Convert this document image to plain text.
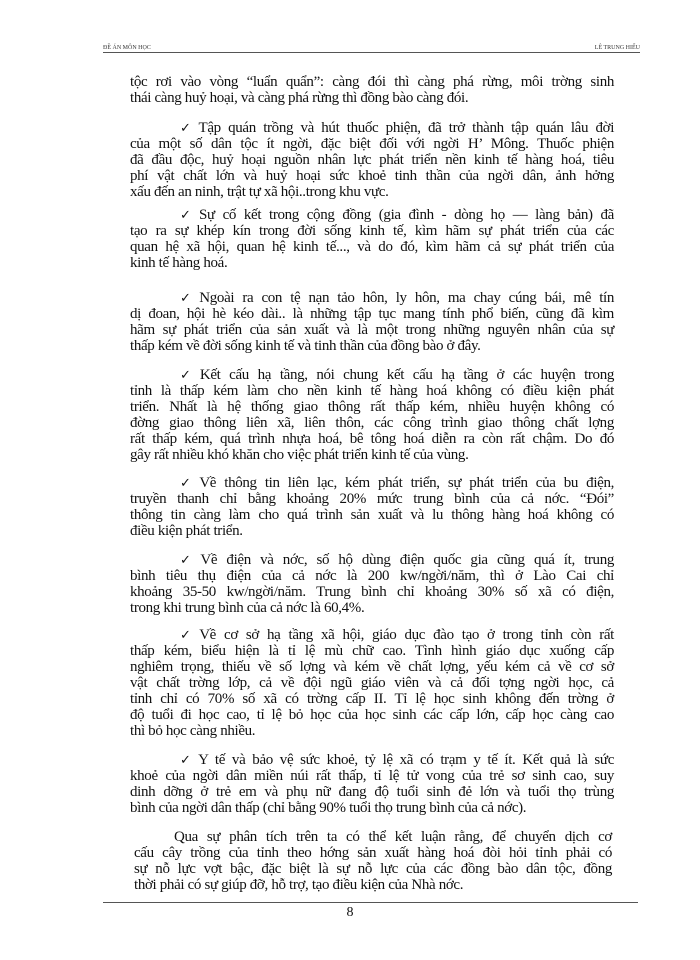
ĐỀ ÁN MÔN HỌC	LÊ TRUNG HIẾU
tộc rơi vào vòng “luẩn quẩn”: càng đói thì càng phá rừng, môi trờng sinh
thái càng huỷ hoại, và càng phá rừng thì đồng bào càng đói.
✓ Tập quán trồng và hút thuốc phiện, đã trở thành tập quán lâu đời
của một số dân tộc ít ngời, đặc biệt đối với ngời H’ Mông. Thuốc phiện
đã đầu độc, huỷ hoại nguồn nhân lực phát triển nền kinh tế hàng hoá, tiêu
phí vật chất lớn và huỷ hoại sức khoẻ tinh thần của ngời dân, ảnh hởng
xấu đến an ninh, trật tự xã hội..trong khu vực.
✓ Sự cố kết trong cộng đồng (gia đình - dòng họ — làng bản) đã
tạo ra sự khép kín trong đời sống kinh tế, kìm hãm sự phát triển của các
quan hệ xã hội, quan hệ kinh tế..., và do đó, kìm hãm cả sự phát triển của
kinh tế hàng hoá.
✓ Ngoài ra con tệ nạn tảo hôn, ly hôn, ma chay cúng bái, mê tín
dị đoan, hội hè kéo dài.. là những tập tục mang tính phổ biến, cũng đã kìm
hãm sự phát triển của sản xuất và là một trong những nguyên nhân của sự
thấp kém về đời sống kinh tế và tinh thần của đồng bào ở đây.
✓ Kết cấu hạ tầng, nói chung kết cấu hạ tầng ở các huyện trong
tỉnh là thấp kém làm cho nền kinh tế hàng hoá không có điều kiện phát
triển. Nhất là hệ thống giao thông rất thấp kém, nhiều huyện không có
đờng giao thông liên xã, liên thôn, các công trình giao thông chất lợng
rất thấp kém, quá trình nhựa hoá, bê tông hoá diễn ra còn rất chậm. Do đó
gây rất nhiều khó khăn cho việc phát triển kinh tế của vùng.
✓ Về thông tin liên lạc, kém phát triển, sự phát triển của bu điện,
truyền thanh chỉ bằng khoảng 20% mức trung bình của cả nớc. “Đói”
thông tin càng làm cho quá trình sản xuất và lu thông hàng hoá không có
điều kiện phát triển.
✓ Về điện và nớc, số hộ dùng điện quốc gia cũng quá ít, trung
bình tiêu thụ điện của cả nớc là 200 kw/ngời/năm, thì ở Lào Cai chỉ
khoảng 35-50 kw/ngời/năm. Trung bình chỉ khoảng 30% số xã có điện,
trong khi trung bình của cả nớc là 60,4%.
✓ Về cơ sở hạ tầng xã hội, giáo dục đào tạo ở trong tỉnh còn rất
thấp kém, biểu hiện là tỉ lệ mù chữ cao. Tình hình giáo dục xuống cấp
nghiêm trọng, thiếu về số lợng và kém về chất lợng, yếu kém cả về cơ sở
vật chất trờng lớp, cả về đội ngũ giáo viên và cả đối tợng ngời học, cả
tỉnh chỉ có 70% số xã có trờng cấp II. Tỉ lệ học sinh không đến trờng ở
độ tuổi đi học cao, tỉ lệ bỏ học của học sinh các cấp lớn, cấp học càng cao
thì bỏ học càng nhiều.
✓ Y tế và bảo vệ sức khoẻ, tỷ lệ xã có trạm y tế ít. Kết quả là sức
khoẻ của ngời dân miền núi rất thấp, tỉ lệ tử vong của trẻ sơ sinh cao, suy
dinh dỡng ở trẻ em và phụ nữ đang độ tuổi sinh đẻ lớn và tuổi thọ trùng
bình của ngời dân thấp (chỉ bằng 90% tuổi thọ trung bình của cả nớc).
Qua sự phân tích trên ta có thể kết luận rằng, để chuyển dịch cơ
cấu cây trồng của tỉnh theo hớng sản xuất hàng hoá đòi hỏi tỉnh phải có
sự nỗ lực vợt bậc, đặc biệt là sự nỗ lực của các đồng bào dân tộc, đồng
thời phải có sự giúp đỡ, hỗ trợ, tạo điều kiện của Nhà nớc.
8
